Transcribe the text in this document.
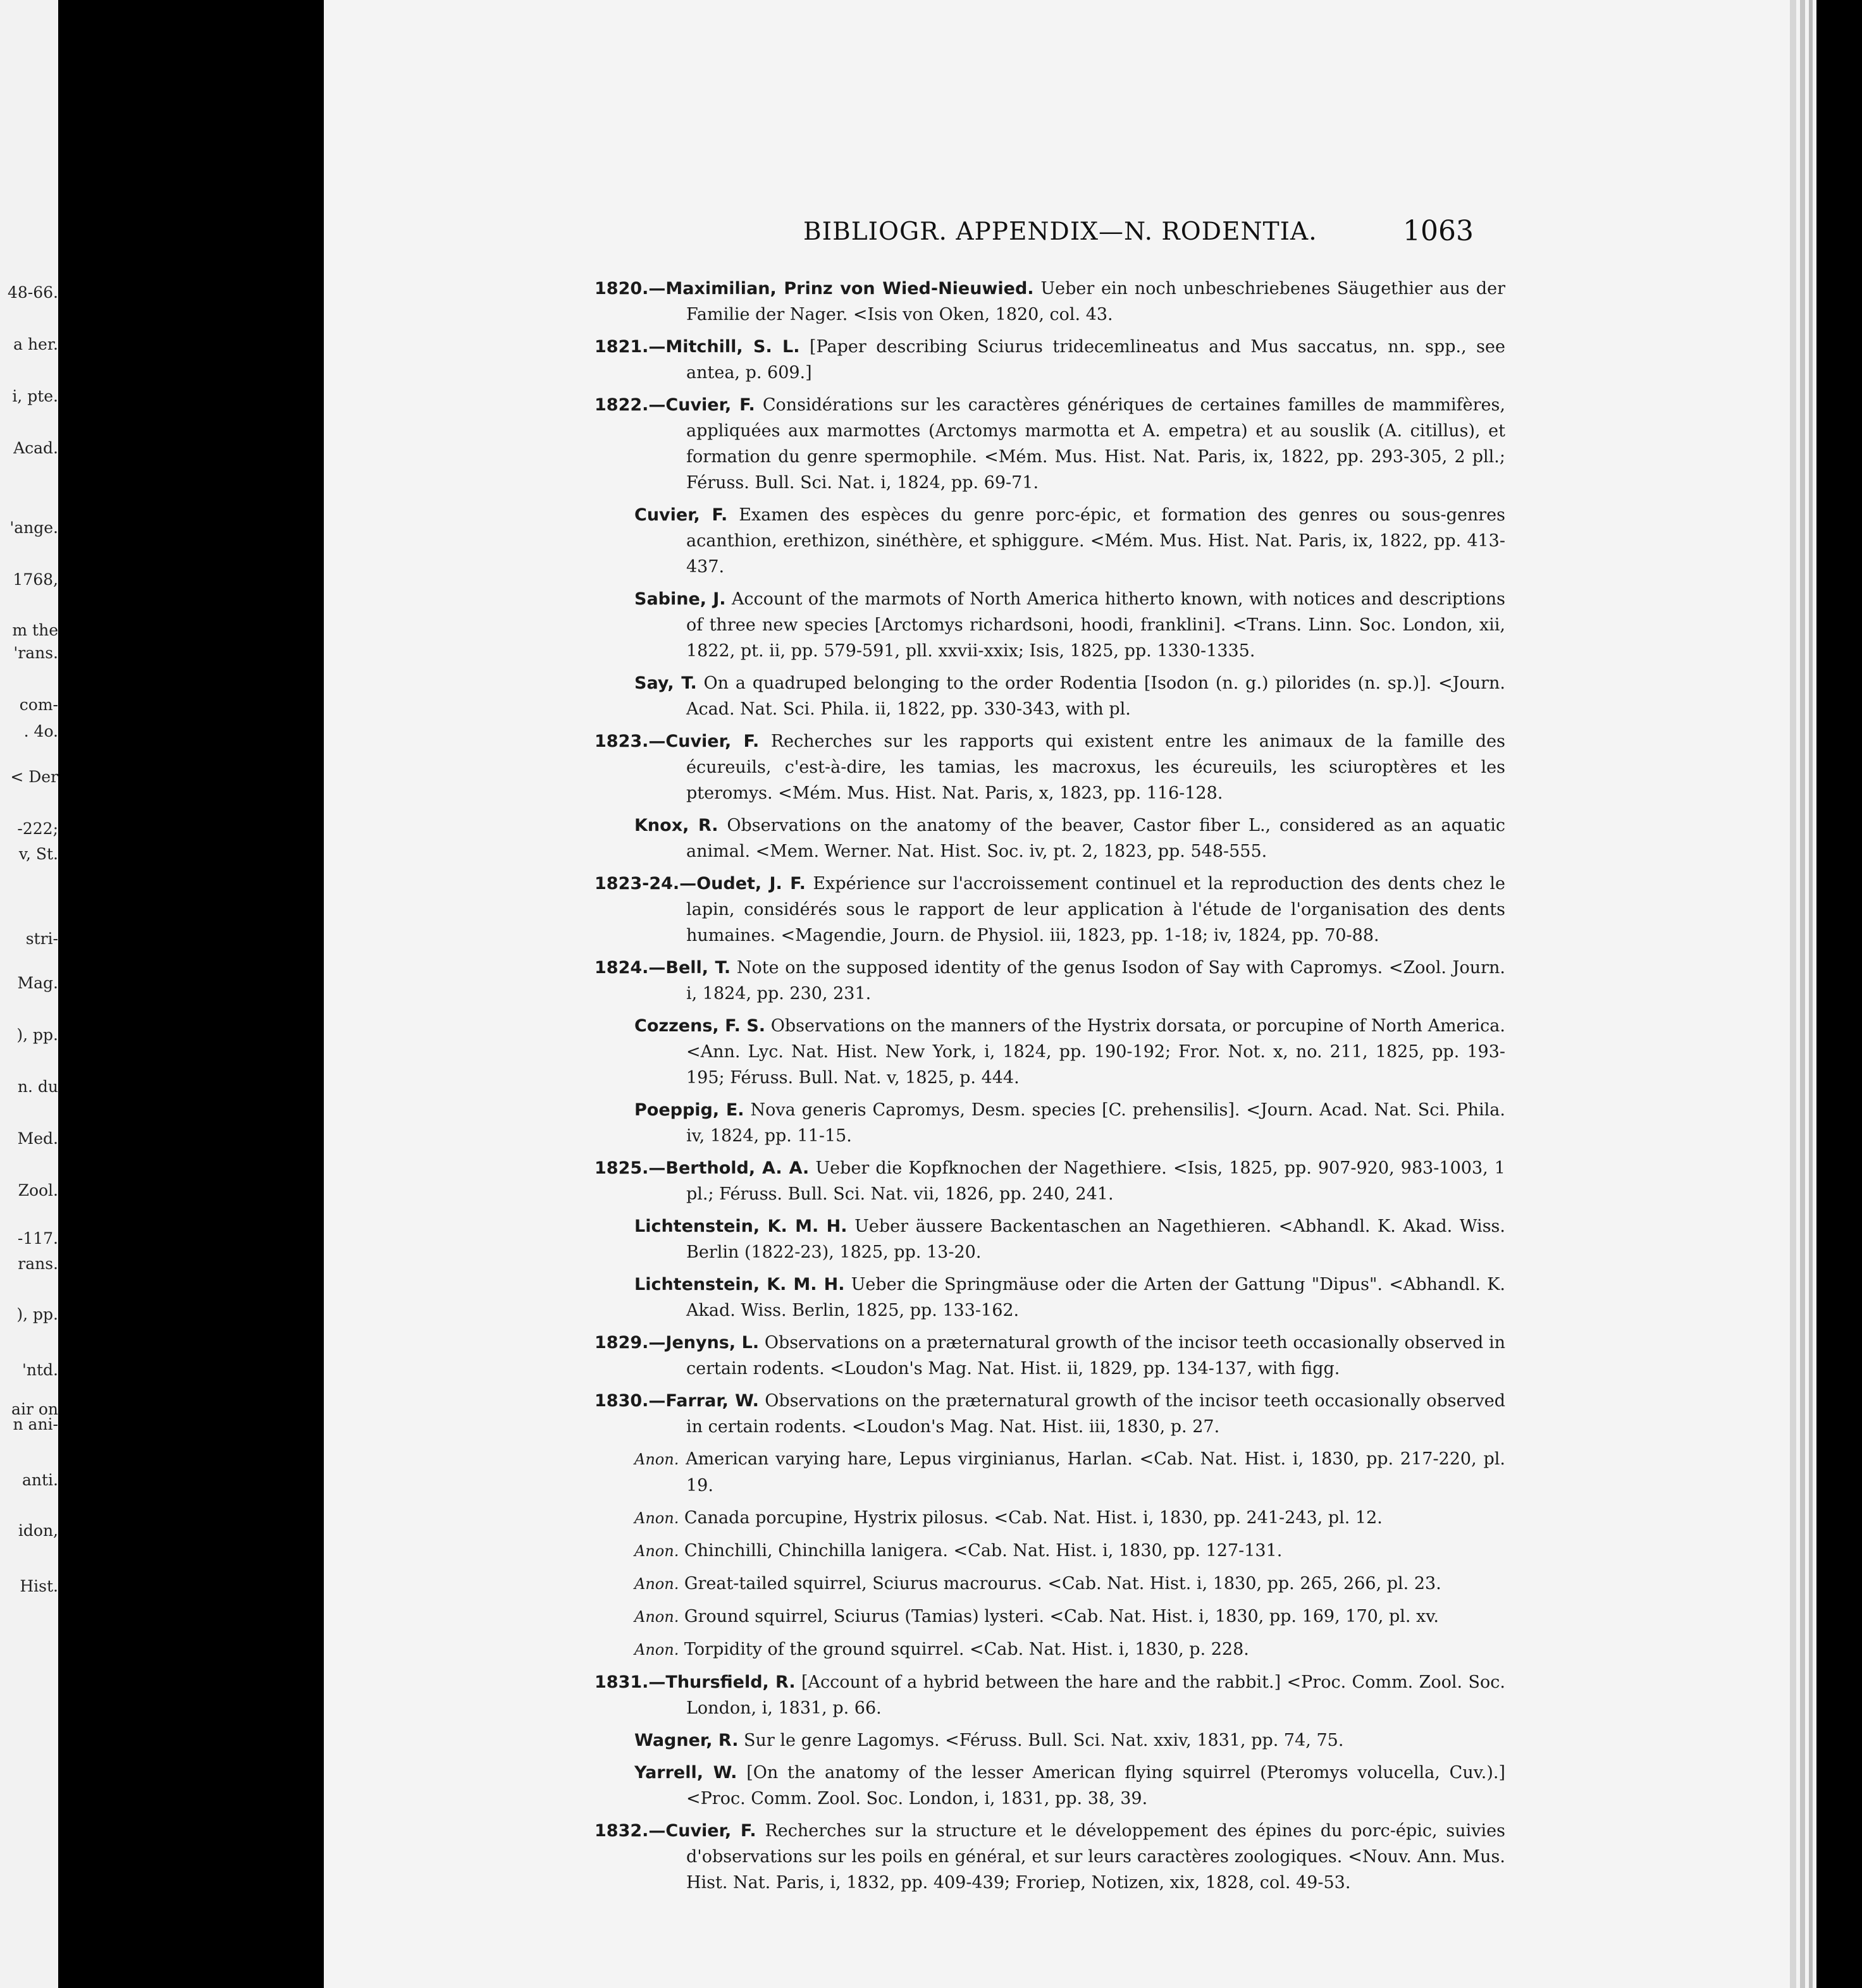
48-66.
a her.
i, pte.
Acad.
'ange.
1768,
m the
'rans.
com-
. 4o.
< Der
-222;
v, St.
stri-
Mag.
), pp.
n. du
Med.
Zool.
-117.
rans.
), pp.
'ntd.
air on
n ani-
anti.
idon,
Hist.
BIBLIOGR. APPENDIX—N. RODENTIA.	1063

1820.—Maximilian, Prinz von Wied-Nieuwied. Ueber ein noch unbeschriebenes Säugethier aus der Familie der Nager. <Isis von Oken, 1820, col. 43.

1821.—Mitchill, S. L. [Paper describing Sciurus tridecemlineatus and Mus saccatus, nn. spp., see antea, p. 609.]

1822.—Cuvier, F. Considérations sur les caractères génériques de certaines familles de mammifères, appliquées aux marmottes (Arctomys marmotta et A. empetra) et au souslik (A. citillus), et formation du genre spermophile. <Mém. Mus. Hist. Nat. Paris, ix, 1822, pp. 293-305, 2 pll.; Féruss. Bull. Sci. Nat. i, 1824, pp. 69-71.

Cuvier, F. Examen des espèces du genre porc-épic, et formation des genres ou sous-genres acanthion, erethizon, sinéthère, et sphiggure. <Mém. Mus. Hist. Nat. Paris, ix, 1822, pp. 413-437.

Sabine, J. Account of the marmots of North America hitherto known, with notices and descriptions of three new species [Arctomys richardsoni, hoodi, franklini]. <Trans. Linn. Soc. London, xii, 1822, pt. ii, pp. 579-591, pll. xxvii-xxix; Isis, 1825, pp. 1330-1335.

Say, T. On a quadruped belonging to the order Rodentia [Isodon (n. g.) pilorides (n. sp.)]. <Journ. Acad. Nat. Sci. Phila. ii, 1822, pp. 330-343, with pl.

1823.—Cuvier, F. Recherches sur les rapports qui existent entre les animaux de la famille des écureuils, c'est-à-dire, les tamias, les macroxus, les écureuils, les sciuroptères et les pteromys. <Mém. Mus. Hist. Nat. Paris, x, 1823, pp. 116-128.

Knox, R. Observations on the anatomy of the beaver, Castor fiber L., considered as an aquatic animal. <Mem. Werner. Nat. Hist. Soc. iv, pt. 2, 1823, pp. 548-555.

1823-24.—Oudet, J. F. Expérience sur l'accroissement continuel et la reproduction des dents chez le lapin, considérés sous le rapport de leur application à l'étude de l'organisation des dents humaines. <Magendie, Journ. de Physiol. iii, 1823, pp. 1-18; iv, 1824, pp. 70-88.

1824.—Bell, T. Note on the supposed identity of the genus Isodon of Say with Capromys. <Zool. Journ. i, 1824, pp. 230, 231.

Cozzens, F. S. Observations on the manners of the Hystrix dorsata, or porcupine of North America. <Ann. Lyc. Nat. Hist. New York, i, 1824, pp. 190-192; Fror. Not. x, no. 211, 1825, pp. 193-195; Féruss. Bull. Nat. v, 1825, p. 444.

Poeppig, E. Nova generis Capromys, Desm. species [C. prehensilis]. <Journ. Acad. Nat. Sci. Phila. iv, 1824, pp. 11-15.

1825.—Berthold, A. A. Ueber die Kopfknochen der Nagethiere. <Isis, 1825, pp. 907-920, 983-1003, 1 pl.; Féruss. Bull. Sci. Nat. vii, 1826, pp. 240, 241.

Lichtenstein, K. M. H. Ueber äussere Backentaschen an Nagethieren. <Abhandl. K. Akad. Wiss. Berlin (1822-23), 1825, pp. 13-20.

Lichtenstein, K. M. H. Ueber die Springmäuse oder die Arten der Gattung "Dipus". <Abhandl. K. Akad. Wiss. Berlin, 1825, pp. 133-162.

1829.—Jenyns, L. Observations on a præternatural growth of the incisor teeth occasionally observed in certain rodents. <Loudon's Mag. Nat. Hist. ii, 1829, pp. 134-137, with figg.

1830.—Farrar, W. Observations on the præternatural growth of the incisor teeth occasionally observed in certain rodents. <Loudon's Mag. Nat. Hist. iii, 1830, p. 27.

Anon. American varying hare, Lepus virginianus, Harlan. <Cab. Nat. Hist. i, 1830, pp. 217-220, pl. 19.

Anon. Canada porcupine, Hystrix pilosus. <Cab. Nat. Hist. i, 1830, pp. 241-243, pl. 12.

Anon. Chinchilli, Chinchilla lanigera. <Cab. Nat. Hist. i, 1830, pp. 127-131.

Anon. Great-tailed squirrel, Sciurus macrourus. <Cab. Nat. Hist. i, 1830, pp. 265, 266, pl. 23.

Anon. Ground squirrel, Sciurus (Tamias) lysteri. <Cab. Nat. Hist. i, 1830, pp. 169, 170, pl. xv.

Anon. Torpidity of the ground squirrel. <Cab. Nat. Hist. i, 1830, p. 228.

1831.—Thursfield, R. [Account of a hybrid between the hare and the rabbit.] <Proc. Comm. Zool. Soc. London, i, 1831, p. 66.

Wagner, R. Sur le genre Lagomys. <Féruss. Bull. Sci. Nat. xxiv, 1831, pp. 74, 75.

Yarrell, W. [On the anatomy of the lesser American flying squirrel (Pteromys volucella, Cuv.).] <Proc. Comm. Zool. Soc. London, i, 1831, pp. 38, 39.

1832.—Cuvier, F. Recherches sur la structure et le développement des épines du porc-épic, suivies d'observations sur les poils en général, et sur leurs caractères zoologiques. <Nouv. Ann. Mus. Hist. Nat. Paris, i, 1832, pp. 409-439; Froriep, Notizen, xix, 1828, col. 49-53.
